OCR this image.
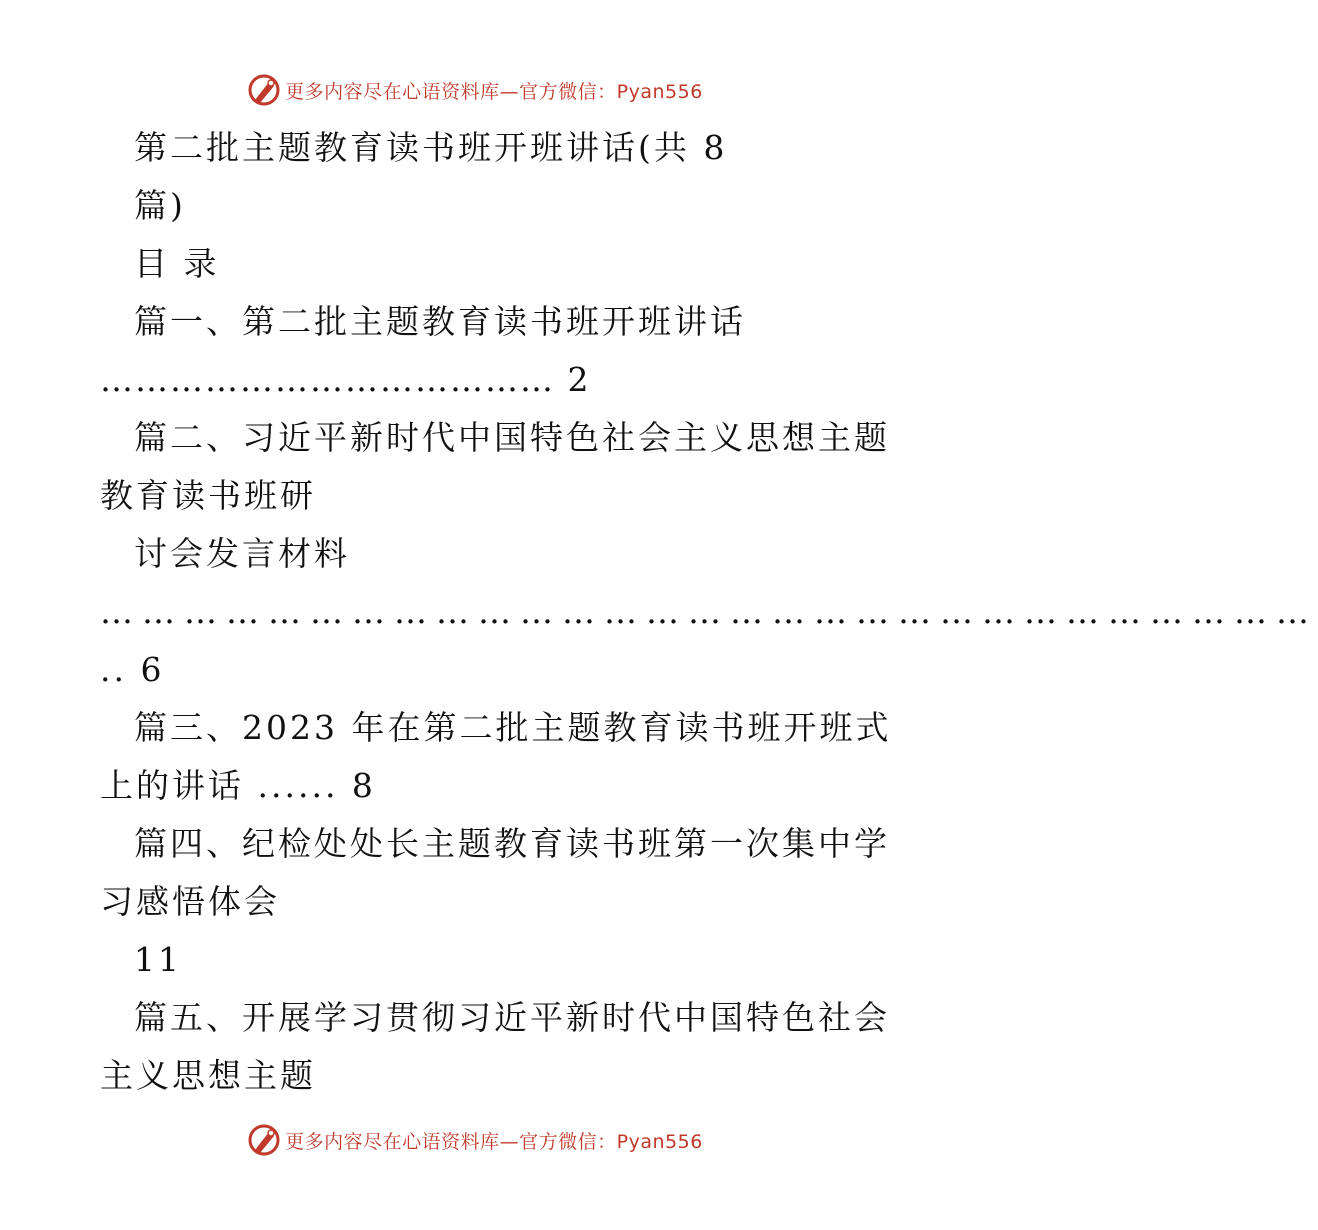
更多内容尽在心语资料库—官方微信：Pyan556

第二批主题教育读书班开班讲话(共 8

篇)

目 录

篇一、第二批主题教育读书班开班讲话

………………………………… 2

篇二、习近平新时代中国特色社会主义思想主题

教育读书班研

讨会发言材料

……………………………………………………………………………

.. 6

篇三、2023 年在第二批主题教育读书班开班式

上的讲话 ...... 8

篇四、纪检处处长主题教育读书班第一次集中学

习感悟体会

11

篇五、开展学习贯彻习近平新时代中国特色社会

主义思想主题

更多内容尽在心语资料库—官方微信：Pyan556
